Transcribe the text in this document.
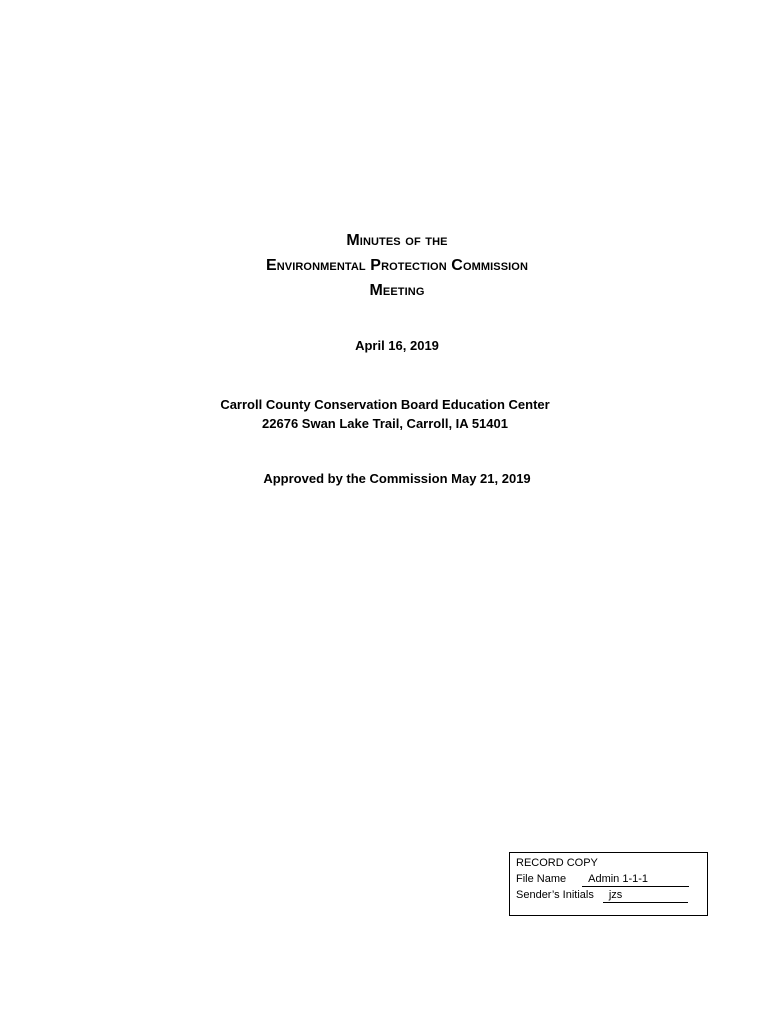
Minutes of the
Environmental Protection Commission
Meeting
April 16, 2019
Carroll County Conservation Board Education Center
22676 Swan Lake Trail, Carroll, IA 51401
Approved by the Commission May 21, 2019
RECORD COPY
File Name	Admin 1-1-1
Sender’s Initials	jzs
